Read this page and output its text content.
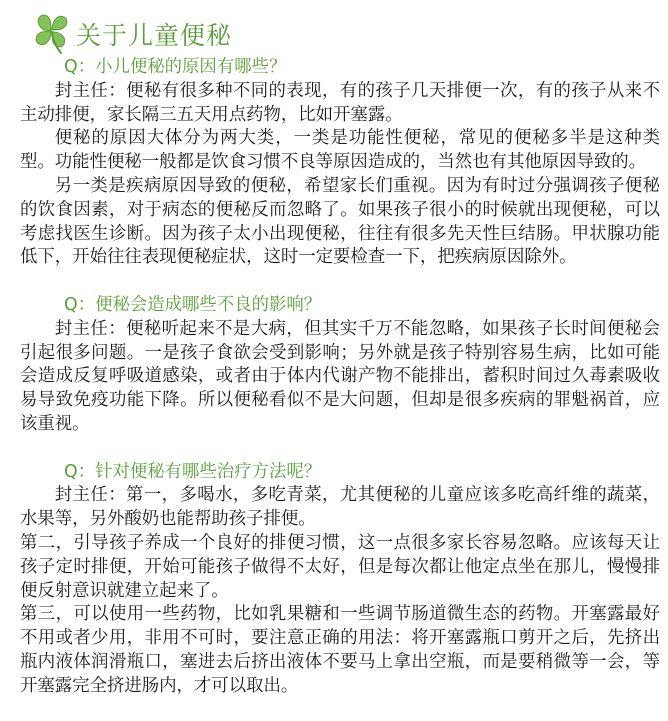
关于儿童便秘
Q：小儿便秘的原因有哪些？
封主任：便秘有很多种不同的表现，有的孩子几天排便一次，有的孩子从来不主动排便，家长隔三五天用点药物，比如开塞露。
便秘的原因大体分为两大类，一类是功能性便秘，常见的便秘多半是这种类型。功能性便秘一般都是饮食习惯不良等原因造成的，当然也有其他原因导致的。
另一类是疾病原因导致的便秘，希望家长们重视。因为有时过分强调孩子便秘的饮食因素，对于病态的便秘反而忽略了。如果孩子很小的时候就出现便秘，可以考虑找医生诊断。因为孩子太小出现便秘，往往有很多先天性巨结肠。甲状腺功能低下，开始往往表现便秘症状，这时一定要检查一下，把疾病原因除外。
Q：便秘会造成哪些不良的影响？
封主任：便秘听起来不是大病，但其实千万不能忽略，如果孩子长时间便秘会引起很多问题。一是孩子食欲会受到影响；另外就是孩子特别容易生病，比如可能会造成反复呼吸道感染，或者由于体内代谢产物不能排出，蓄积时间过久毒素吸收易导致免疫功能下降。所以便秘看似不是大问题，但却是很多疾病的罪魁祸首，应该重视。
Q：针对便秘有哪些治疗方法呢？
封主任：第一，多喝水，多吃青菜，尤其便秘的儿童应该多吃高纤维的蔬菜，水果等，另外酸奶也能帮助孩子排便。
第二，引导孩子养成一个良好的排便习惯，这一点很多家长容易忽略。应该每天让孩子定时排便，开始可能孩子做得不太好，但是每次都让他定点坐在那儿，慢慢排便反射意识就建立起来了。
第三，可以使用一些药物，比如乳果糖和一些调节肠道微生态的药物。开塞露最好不用或者少用，非用不可时，要注意正确的用法：将开塞露瓶口剪开之后，先挤出瓶内液体润滑瓶口，塞进去后挤出液体不要马上拿出空瓶，而是要稍微等一会，等开塞露完全挤进肠内，才可以取出。
